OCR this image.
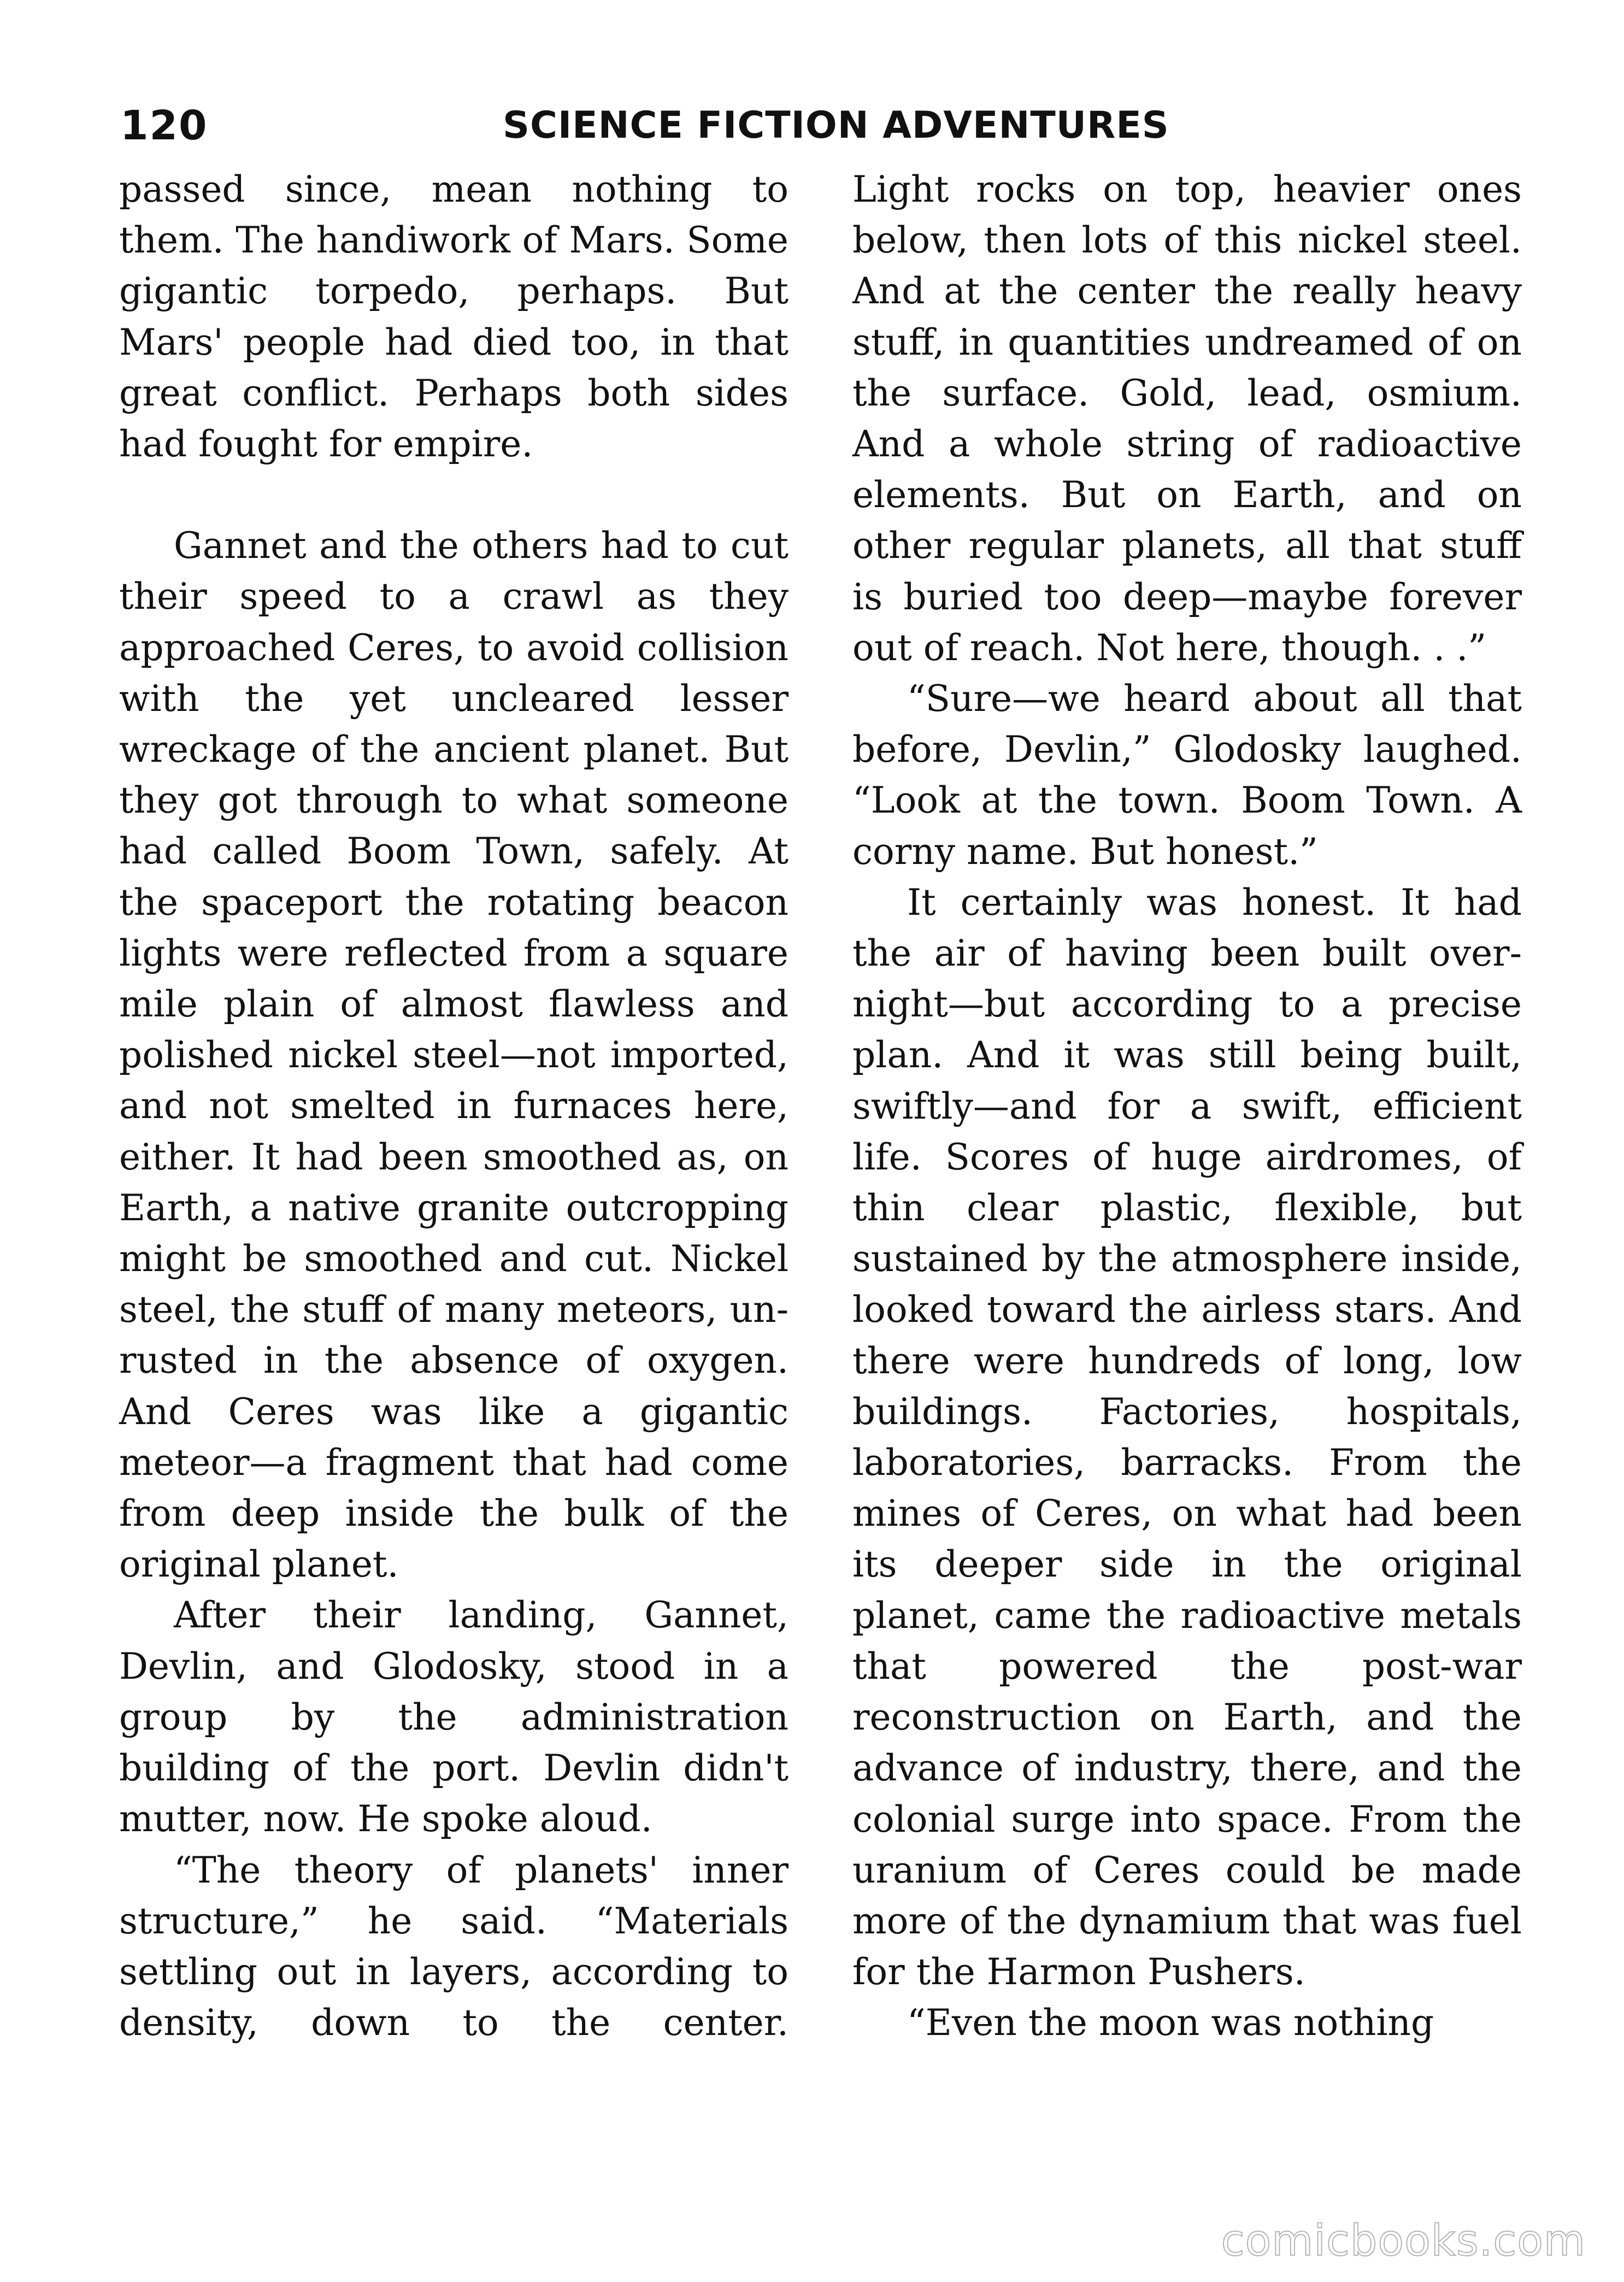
120	SCIENCE FICTION ADVENTURES

passed since, mean nothing to them. The handiwork of Mars. Some gigantic torpedo, perhaps. But Mars' people had died too, in that great conflict. Perhaps both sides had fought for empire.

Gannet and the others had to cut their speed to a crawl as they approached Ceres, to avoid collision with the yet uncleared lesser wreckage of the ancient planet. But they got through to what someone had called Boom Town, safely. At the spaceport the rotating beacon lights were reflected from a square mile plain of almost flawless and polished nickel steel—not imported, and not smelted in furnaces here, either. It had been smoothed as, on Earth, a native granite outcropping might be smoothed and cut. Nickel steel, the stuff of many meteors, unrusted in the absence of oxygen. And Ceres was like a gigantic meteor—a fragment that had come from deep inside the bulk of the original planet.

After their landing, Gannet, Devlin, and Glodosky, stood in a group by the administration building of the port. Devlin didn't mutter, now. He spoke aloud.

“The theory of planets' inner structure,” he said. “Materials settling out in layers, according to density, down to the center.

Light rocks on top, heavier ones below, then lots of this nickel steel. And at the center the really heavy stuff, in quantities undreamed of on the surface. Gold, lead, osmium. And a whole string of radioactive elements. But on Earth, and on other regular planets, all that stuff is buried too deep—maybe forever out of reach. Not here, though. . .”

“Sure—we heard about all that before, Devlin,” Glodosky laughed. “Look at the town. Boom Town. A corny name. But honest.”

It certainly was honest. It had the air of having been built overnight—but according to a precise plan. And it was still being built, swiftly—and for a swift, efficient life. Scores of huge airdromes, of thin clear plastic, flexible, but sustained by the atmosphere inside, looked toward the airless stars. And there were hundreds of long, low buildings. Factories, hospitals, laboratories, barracks. From the mines of Ceres, on what had been its deeper side in the original planet, came the radioactive metals that powered the post-war reconstruction on Earth, and the advance of industry, there, and the colonial surge into space. From the uranium of Ceres could be made more of the dynamium that was fuel for the Harmon Pushers.

“Even the moon was nothing

comicbooks.com
